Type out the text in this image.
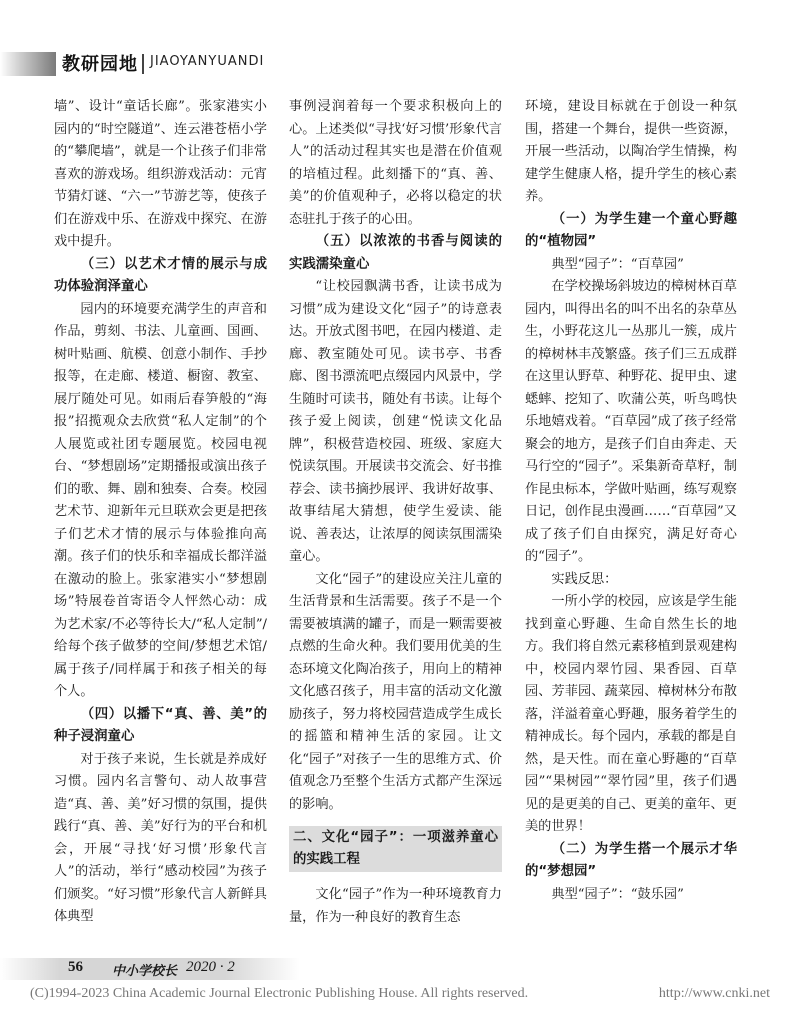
教研园地 JIAOYANYUANDI

墙”、设计“童话长廊”。张家港实小园内的“时空隧道”、连云港苍梧小学的“攀爬墙”，就是一个让孩子们非常喜欢的游戏场。组织游戏活动：元宵节猜灯谜、“六一”节游艺等，使孩子们在游戏中乐、在游戏中探究、在游戏中提升。

（三）以艺术才情的展示与成功体验润泽童心

园内的环境要充满学生的声音和作品，剪刻、书法、儿童画、国画、树叶贴画、航模、创意小制作、手抄报等，在走廊、楼道、橱窗、教室、展厅随处可见。如雨后春笋般的“海报”招揽观众去欣赏“私人定制”的个人展览或社团专题展览。校园电视台、“梦想剧场”定期播报或演出孩子们的歌、舞、剧和独奏、合奏。校园艺术节、迎新年元旦联欢会更是把孩子们艺术才情的展示与体验推向高潮。孩子们的快乐和幸福成长都洋溢在激动的脸上。张家港实小“梦想剧场”特展卷首寄语令人怦然心动：成为艺术家/不必等待长大/“私人定制”/给每个孩子做梦的空间/梦想艺术馆/属于孩子/同样属于和孩子相关的每个人。

（四）以播下“真、善、美”的种子浸润童心

对于孩子来说，生长就是养成好习惯。园内名言警句、动人故事营造“真、善、美”好习惯的氛围，提供践行“真、善、美”好行为的平台和机会，开展“寻找‘好习惯’形象代言人”的活动，举行“感动校园”为孩子们颁奖。“好习惯”形象代言人新鲜具体典型

事例浸润着每一个要求积极向上的心。上述类似“寻找‘好习惯’形象代言人”的活动过程其实也是潜在价值观的培植过程。此刻播下的“真、善、美”的价值观种子，必将以稳定的状态驻扎于孩子的心田。

（五）以浓浓的书香与阅读的实践濡染童心

“让校园飘满书香，让读书成为习惯”成为建设文化“园子”的诗意表达。开放式图书吧，在园内楼道、走廊、教室随处可见。读书亭、书香廊、图书漂流吧点缀园内风景中，学生随时可读书，随处有书读。让每个孩子爱上阅读，创建“悦读文化品牌”，积极营造校园、班级、家庭大悦读氛围。开展读书交流会、好书推荐会、读书摘抄展评、我讲好故事、故事结尾大猜想，使学生爱读、能说、善表达，让浓厚的阅读氛围濡染童心。

文化“园子”的建设应关注儿童的生活背景和生活需要。孩子不是一个需要被填满的罐子，而是一颗需要被点燃的生命火种。我们要用优美的生态环境文化陶冶孩子，用向上的精神文化感召孩子，用丰富的活动文化激励孩子，努力将校园营造成学生成长的摇篮和精神生活的家园。让文化“园子”对孩子一生的思维方式、价值观念乃至整个生活方式都产生深远的影响。

二、文化“园子”：一项滋养童心的实践工程

文化“园子”作为一种环境教育力量，作为一种良好的教育生态

环境，建设目标就在于创设一种氛围，搭建一个舞台，提供一些资源，开展一些活动，以陶冶学生情操，构建学生健康人格，提升学生的核心素养。

（一）为学生建一个童心野趣的“植物园”

典型“园子”：“百草园”

在学校操场斜坡边的樟树林百草园内，叫得出名的叫不出名的杂草丛生，小野花这儿一丛那儿一簇，成片的樟树林丰茂繁盛。孩子们三五成群在这里认野草、种野花、捉甲虫、逮蟋蟀、挖知了、吹蒲公英，听鸟鸣快乐地嬉戏着。“百草园”成了孩子经常聚会的地方，是孩子们自由奔走、天马行空的“园子”。采集新奇草籽，制作昆虫标本，学做叶贴画，练写观察日记，创作昆虫漫画……“百草园”又成了孩子们自由探究，满足好奇心的“园子”。

实践反思：

一所小学的校园，应该是学生能找到童心野趣、生命自然生长的地方。我们将自然元素移植到景观建构中，校园内翠竹园、果香园、百草园、芳菲园、蔬菜园、樟树林分布散落，洋溢着童心野趣，服务着学生的精神成长。每个园内，承载的都是自然，是天性。而在童心野趣的“百草园”“果树园”“翠竹园”里，孩子们遇见的是更美的自己、更美的童年、更美的世界！

（二）为学生搭一个展示才华的“梦想园”

典型“园子”：“鼓乐园”

56 中小学校长 2020 · 2
(C)1994-2023 China Academic Journal Electronic Publishing House. All rights reserved.	http://www.cnki.net
